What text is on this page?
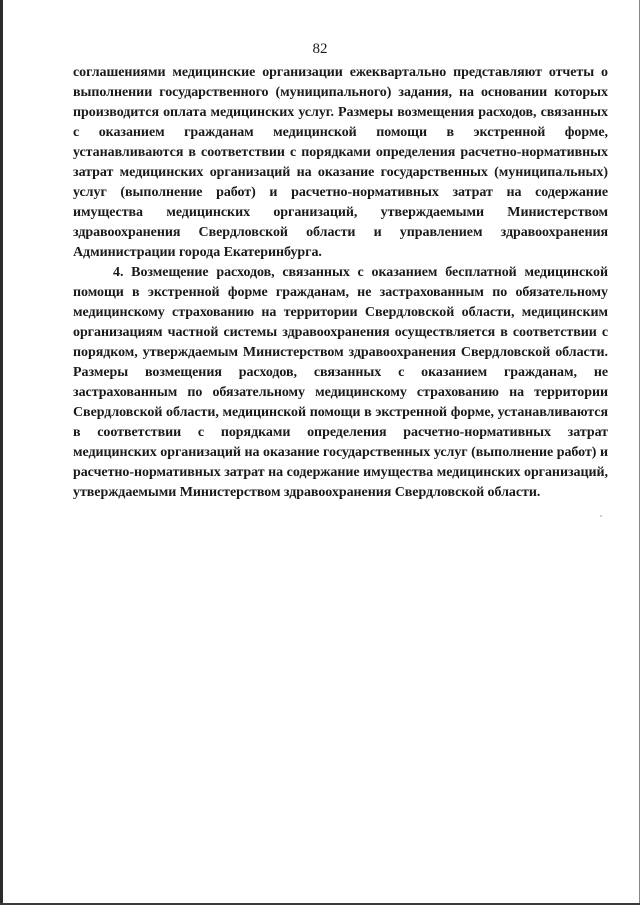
82

соглашениями медицинские организации ежеквартально представляют отчеты о выполнении государственного (муниципального) задания, на основании которых производится оплата медицинских услуг. Размеры возмещения расходов, связанных с оказанием гражданам медицинской помощи в экстренной форме, устанавливаются в соответствии с порядками определения расчетно-нормативных затрат медицинских организаций на оказание государственных (муниципальных) услуг (выполнение работ) и расчетно-нормативных затрат на содержание имущества медицинских организаций, утверждаемыми Министерством здравоохранения Свердловской области и управлением здравоохранения Администрации города Екатеринбурга.

4. Возмещение расходов, связанных с оказанием бесплатной медицинской помощи в экстренной форме гражданам, не застрахованным по обязательному медицинскому страхованию на территории Свердловской области, медицинским организациям частной системы здравоохранения осуществляется в соответствии с порядком, утверждаемым Министерством здравоохранения Свердловской области. Размеры возмещения расходов, связанных с оказанием гражданам, не застрахованным по обязательному медицинскому страхованию на территории Свердловской области, медицинской помощи в экстренной форме, устанавливаются в соответствии с порядками определения расчетно-нормативных затрат медицинских организаций на оказание государственных услуг (выполнение работ) и расчетно-нормативных затрат на содержание имущества медицинских организаций, утверждаемыми Министерством здравоохранения Свердловской области.
